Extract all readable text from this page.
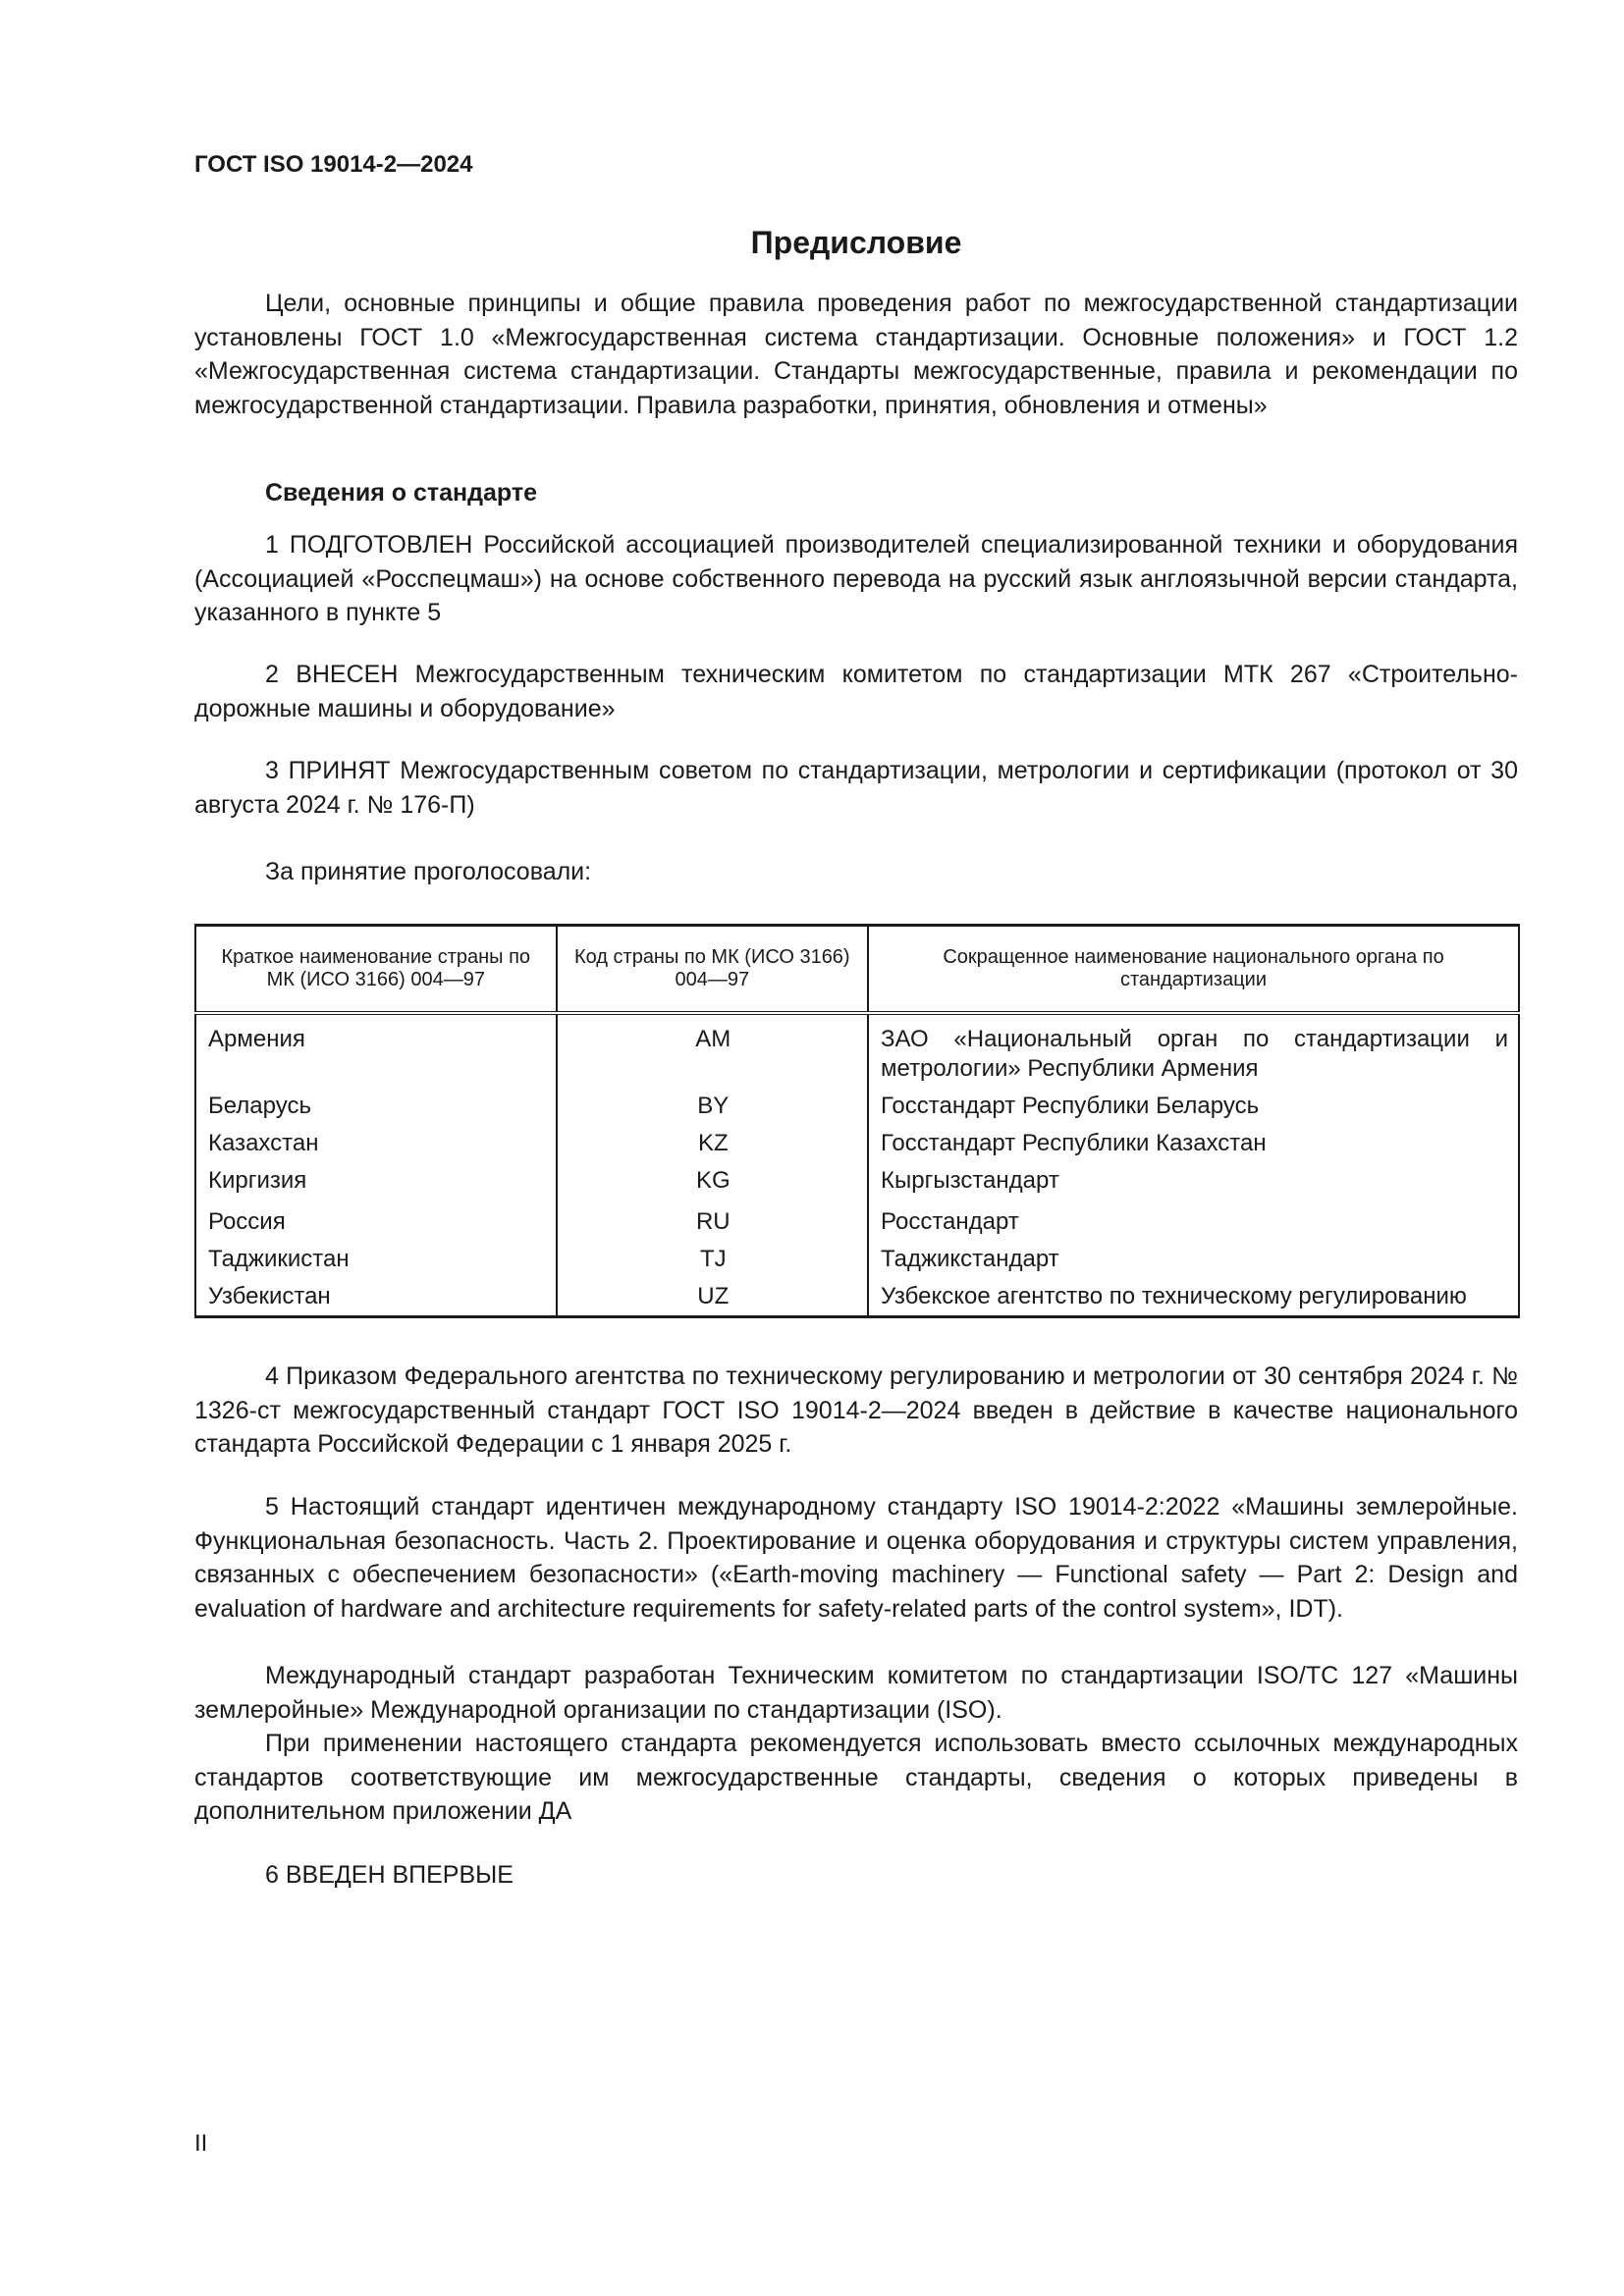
ГОСТ ISO 19014-2—2024
Предисловие

Цели, основные принципы и общие правила проведения работ по межгосударственной стандартизации установлены ГОСТ 1.0 «Межгосударственная система стандартизации. Основные положения» и ГОСТ 1.2 «Межгосударственная система стандартизации. Стандарты межгосударственные, правила и рекомендации по межгосударственной стандартизации. Правила разработки, принятия, обновления и отмены»

Сведения о стандарте

1 ПОДГОТОВЛЕН Российской ассоциацией производителей специализированной техники и оборудования (Ассоциацией «Росспецмаш») на основе собственного перевода на русский язык англоязычной версии стандарта, указанного в пункте 5

2 ВНЕСЕН Межгосударственным техническим комитетом по стандартизации МТК 267 «Строительно-дорожные машины и оборудование»

3 ПРИНЯТ Межгосударственным советом по стандартизации, метрологии и сертификации (протокол от 30 августа 2024 г. № 176-П)

За принятие проголосовали:

Краткое наименование страны по МК (ИСО 3166) 004—97	Код страны по МК (ИСО 3166) 004—97	Сокращенное наименование национального органа по стандартизации
Армения	AM	ЗАО «Национальный орган по стандартизации и метрологии» Республики Армения
Беларусь	BY	Госстандарт Республики Беларусь
Казахстан	KZ	Госстандарт Республики Казахстан
Киргизия	KG	Кыргызстандарт
Россия	RU	Росстандарт
Таджикистан	TJ	Таджикстандарт
Узбекистан	UZ	Узбекское агентство по техническому регулированию

4 Приказом Федерального агентства по техническому регулированию и метрологии от 30 сентября 2024 г. № 1326-ст межгосударственный стандарт ГОСТ ISO 19014-2—2024 введен в действие в качестве национального стандарта Российской Федерации с 1 января 2025 г.

5 Настоящий стандарт идентичен международному стандарту ISO 19014-2:2022 «Машины землеройные. Функциональная безопасность. Часть 2. Проектирование и оценка оборудования и структуры систем управления, связанных с обеспечением безопасности» («Earth-moving machinery — Functional safety — Part 2: Design and evaluation of hardware and architecture requirements for safety-related parts of the control system», IDT).

Международный стандарт разработан Техническим комитетом по стандартизации ISO/TC 127 «Машины землеройные» Международной организации по стандартизации (ISO).

При применении настоящего стандарта рекомендуется использовать вместо ссылочных международных стандартов соответствующие им межгосударственные стандарты, сведения о которых приведены в дополнительном приложении ДА

6 ВВЕДЕН ВПЕРВЫЕ

II
